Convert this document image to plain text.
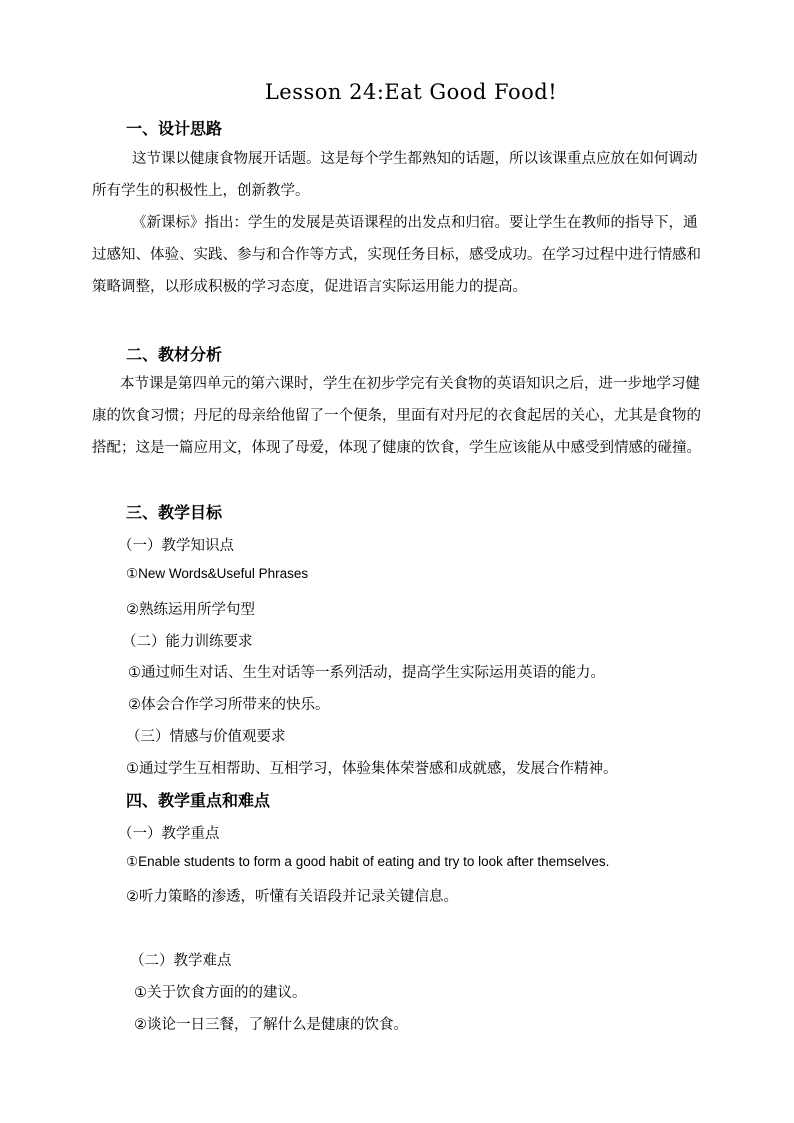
Lesson 24:Eat Good Food!
一、设计思路

这节课以健康食物展开话题。这是每个学生都熟知的话题，所以该课重点应放在如何调动所有学生的积极性上，创新教学。

《新课标》指出：学生的发展是英语课程的出发点和归宿。要让学生在教师的指导下，通过感知、体验、实践、参与和合作等方式，实现任务目标，感受成功。在学习过程中进行情感和策略调整，以形成积极的学习态度，促进语言实际运用能力的提高。

二、教材分析

本节课是第四单元的第六课时，学生在初步学完有关食物的英语知识之后，进一步地学习健康的饮食习惯；丹尼的母亲给他留了一个便条，里面有对丹尼的衣食起居的关心，尤其是食物的搭配；这是一篇应用文，体现了母爱，体现了健康的饮食，学生应该能从中感受到情感的碰撞。

三、教学目标
（一）教学知识点
①New Words&Useful Phrases
②熟练运用所学句型
（二）能力训练要求
①通过师生对话、生生对话等一系列活动，提高学生实际运用英语的能力。
②体会合作学习所带来的快乐。
（三）情感与价值观要求
①通过学生互相帮助、互相学习，体验集体荣誉感和成就感，发展合作精神。
四、教学重点和难点
（一）教学重点
①Enable students to form a good habit of eating and try to look after themselves.
②听力策略的渗透，听懂有关语段并记录关键信息。
（二）教学难点
①关于饮食方面的的建议。
②谈论一日三餐，了解什么是健康的饮食。
